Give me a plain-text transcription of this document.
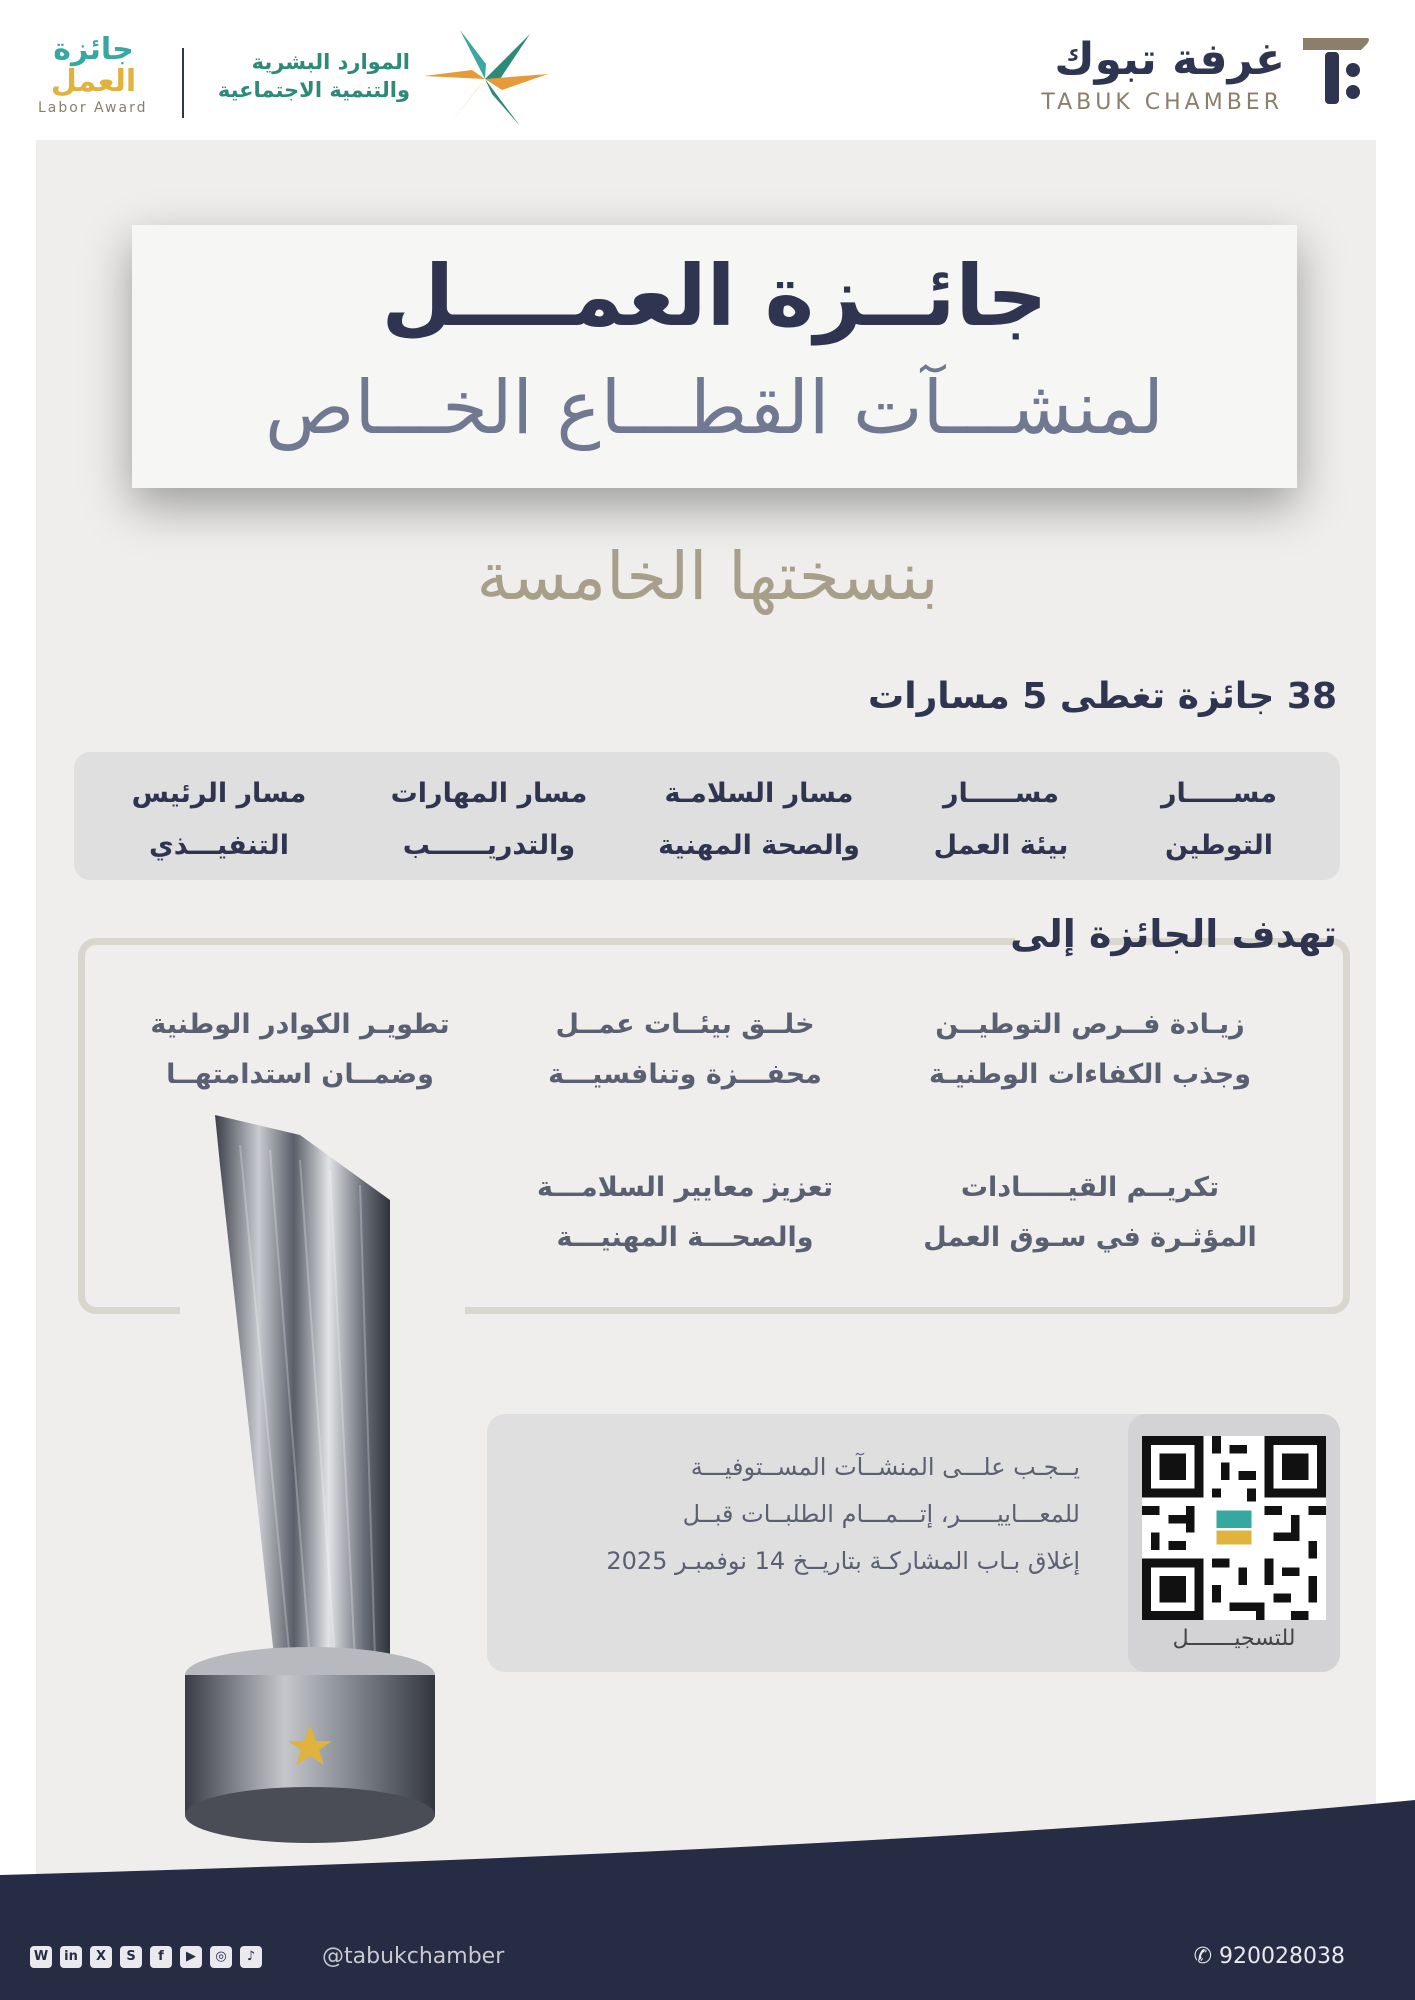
غرفة تبوك
TABUK CHAMBER
الموارد البشرية
والتنمية الاجتماعية
جائزة
العمل
Labor Award
جائــزة العمــــل
لمنشـــآت القطـــاع الخـــاص
بنسختها الخامسة
38 جائزة تغطى 5 مسارات
مســـــار
التوطين
مســـــار
بيئة العمل
مسار السلامـة
والصحة المهنية
مسار المهارات
والتدريــــــب
مسار الرئيس
التنفيـــذي
تهدف الجائزة إلى
زيـادة فــرص التوطيــن
وجذب الكفاءات الوطنيـة
خلــق بيئــات عمــل
محفـــزة وتنافسيـــة
تطويـر الكوادر الوطنية
وضمــان استدامتهــا
تكريــم القيـــــادات
المؤثـرة في سـوق العمل
تعزيز معايير السلامـــة
والصحـــة المهنيـــة
يــجـب علـــى المنشــآت المســتوفيـــة
للمعـــاييـــــر، إتـــمـــام الطلبــات قبــل
إغلاق بـاب المشاركـة بتاريــخ 14 نوفمبـر 2025
للتسجيـــــــل
W	in	X	S	f	▶	◎	♪	@tabukchamber	✆ 920028038
